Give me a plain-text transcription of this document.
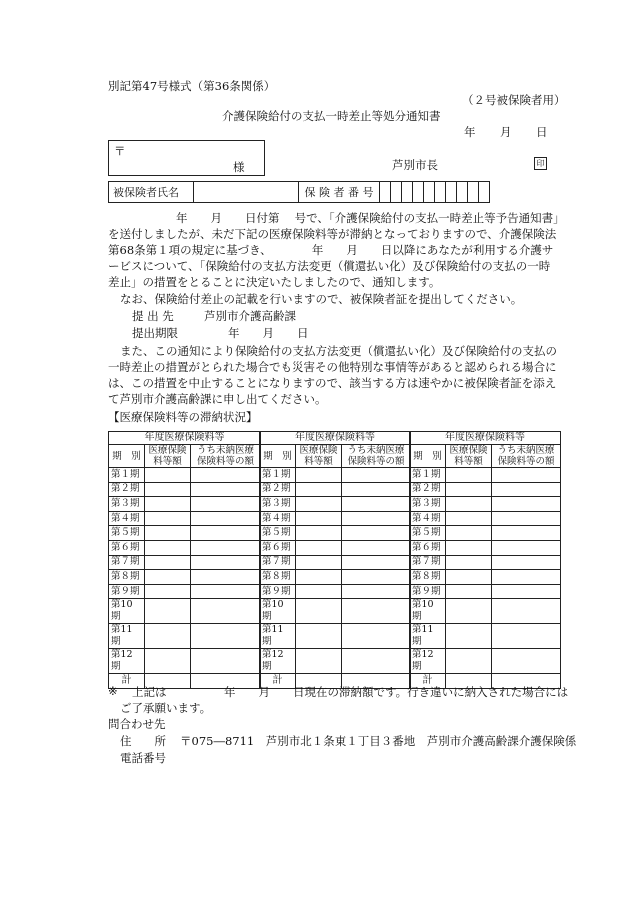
別記第47号様式（第36条関係）
（２号被保険者用）
介護保険給付の支払一時差止等処分通知書
年 月 日
〒
様	芦別市長	印
被保険者氏名		保 険 者 番 号										
年　　月　　日付第　 号で、「介護保険給付の支払一時差止等予告通知書」
を送付しましたが、未だ下記の医療保険料等が滞納となっておりますので、介護保険法
第68条第１項の規定に基づき、　　　　年　　月　　日以降にあなたが利用する介護サ
ービスについて、「保険給付の支払方法変更（償還払い化）及び保険給付の支払の一時
差止」の措置をとることに決定いたしましたので、通知します。
なお、保険給付差止の記載を行いますので、被保険者証を提出してください。
提 出 先	芦別市介護高齢課
提出期限	年　　月　　日
また、この通知により保険給付の支払方法変更（償還払い化）及び保険給付の支払の
一時差止の措置がとられた場合でも災害その他特別な事情等があると認められる場合に
は、この措置を中止することになりますので、該当する方は速やかに被保険者証を添え
て芦別市介護高齢課に申し出てください。
【医療保険料等の滞納状況】
年度医療保険料等		
期　別	医療保険料等額	うち未納医療保険料等の額
第１期		
第２期		
第３期		
第４期		
第５期		
第６期		
第７期		
第８期		
第９期		
第10期		
第11期		
第12期		
計		
年度医療保険料等		
期　別	医療保険料等額	うち未納医療保険料等の額
第１期		
第２期		
第３期		
第４期		
第５期		
第６期		
第７期		
第８期		
第９期		
第10期		
第11期		
第12期		
計		
年度医療保険料等		
期　別	医療保険料等額	うち未納医療保険料等の額
第１期		
第２期		
第３期		
第４期		
第５期		
第６期		
第７期		
第８期		
第９期		
第10期		
第11期		
第12期		
計		
※ 上記は　　　　　年　　月　　日現在の滞納額です。行き違いに納入された場合には
ご了承願います。
問合わせ先
住　　所 〒075―8711　芦別市北１条東１丁目３番地　芦別市介護高齢課介護保険係
電話番号
